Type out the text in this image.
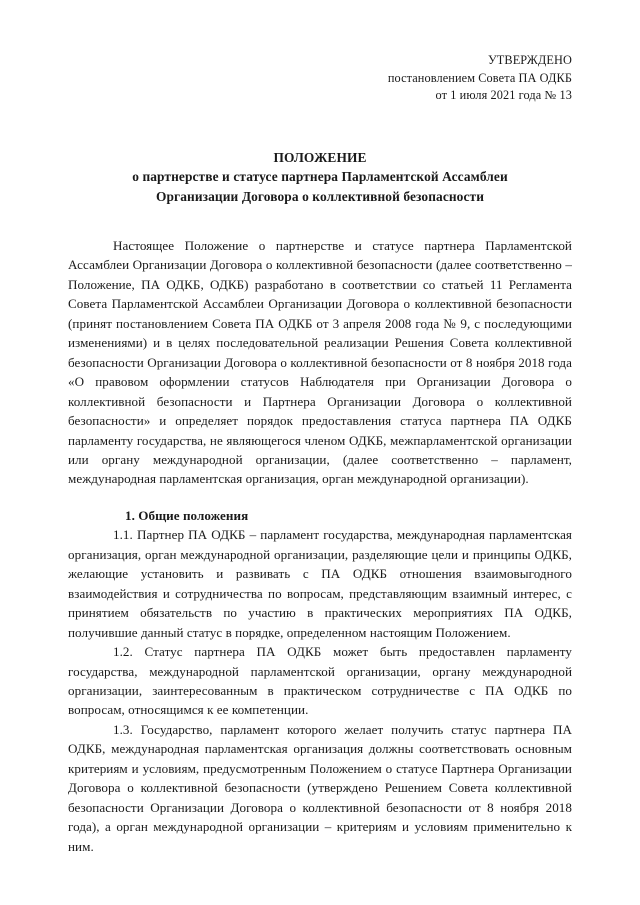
УТВЕРЖДЕНО
постановлением Совета ПА ОДКБ
от 1 июля 2021 года № 13
ПОЛОЖЕНИЕ
о партнерстве и статусе партнера Парламентской Ассамблеи
Организации Договора о коллективной безопасности

Настоящее Положение о партнерстве и статусе партнера Парламентской Ассамблеи Организации Договора о коллективной безопасности (далее соответственно – Положение, ПА ОДКБ, ОДКБ) разработано в соответствии со статьей 11 Регламента Совета Парламентской Ассамблеи Организации Договора о коллективной безопасности (принят постановлением Совета ПА ОДКБ от 3 апреля 2008 года № 9, с последующими изменениями) и в целях последовательной реализации Решения Совета коллективной безопасности Организации Договора о коллективной безопасности от 8 ноября 2018 года «О правовом оформлении статусов Наблюдателя при Организации Договора о коллективной безопасности и Партнера Организации Договора о коллективной безопасности» и определяет порядок предоставления статуса партнера ПА ОДКБ парламенту государства, не являющегося членом ОДКБ, межпарламентской организации или органу международной организации, (далее соответственно – парламент, международная парламентская организация, орган международной организации).

1. Общие положения

1.1. Партнер ПА ОДКБ – парламент государства, международная парламентская организация, орган международной организации, разделяющие цели и принципы ОДКБ, желающие установить и развивать с ПА ОДКБ отношения взаимовыгодного взаимодействия и сотрудничества по вопросам, представляющим взаимный интерес, с принятием обязательств по участию в практических мероприятиях ПА ОДКБ, получившие данный статус в порядке, определенном настоящим Положением.

1.2. Статус партнера ПА ОДКБ может быть предоставлен парламенту государства, международной парламентской организации, органу международной организации, заинтересованным в практическом сотрудничестве с ПА ОДКБ по вопросам, относящимся к ее компетенции.

1.3. Государство, парламент которого желает получить статус партнера ПА ОДКБ, международная парламентская организация должны соответствовать основным критериям и условиям, предусмотренным Положением о статусе Партнера Организации Договора о коллективной безопасности (утверждено Решением Совета коллективной безопасности Организации Договора о коллективной безопасности от 8 ноября 2018 года), а орган международной организации – критериям и условиям применительно к ним.
